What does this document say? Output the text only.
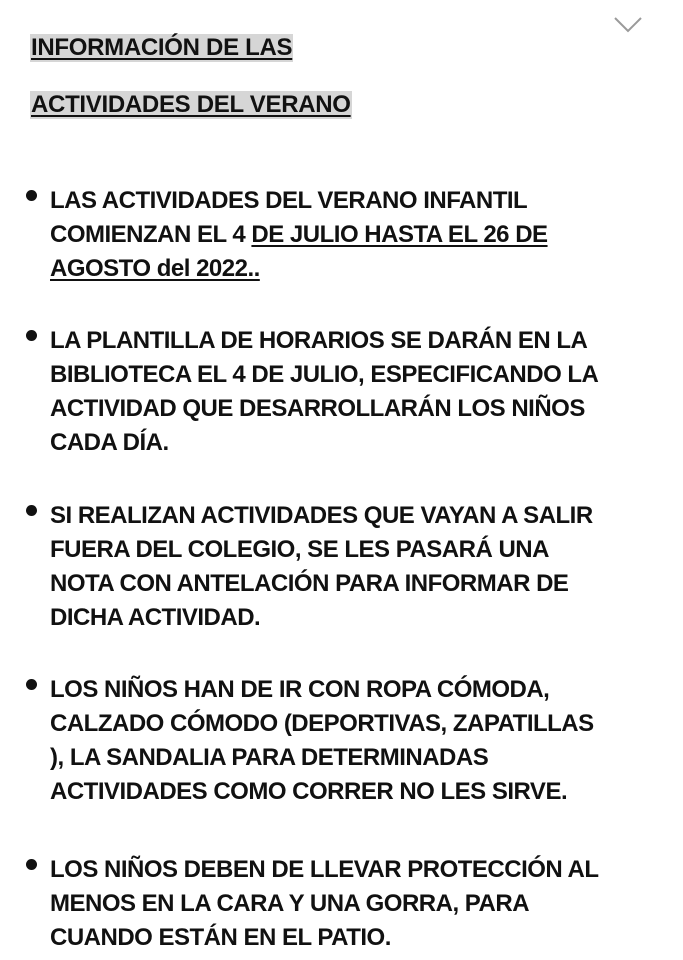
INFORMACIÓN DE LAS
ACTIVIDADES DEL VERANO
LAS ACTIVIDADES DEL VERANO INFANTIL
COMIENZAN EL 4 DE JULIO HASTA EL 26 DE
AGOSTO del 2022..
LA PLANTILLA DE HORARIOS SE DARÁN EN LA
BIBLIOTECA EL 4 DE JULIO, ESPECIFICANDO LA
ACTIVIDAD QUE DESARROLLARÁN LOS NIÑOS
CADA DÍA.
SI REALIZAN ACTIVIDADES QUE VAYAN A SALIR
FUERA DEL COLEGIO, SE LES PASARÁ UNA
NOTA CON ANTELACIÓN PARA INFORMAR DE
DICHA ACTIVIDAD.
LOS NIÑOS HAN DE IR CON ROPA CÓMODA,
CALZADO CÓMODO (DEPORTIVAS, ZAPATILLAS
), LA SANDALIA PARA DETERMINADAS
ACTIVIDADES COMO CORRER NO LES SIRVE.
LOS NIÑOS DEBEN DE LLEVAR PROTECCIÓN AL
MENOS EN LA CARA Y UNA GORRA, PARA
CUANDO ESTÁN EN EL PATIO.
